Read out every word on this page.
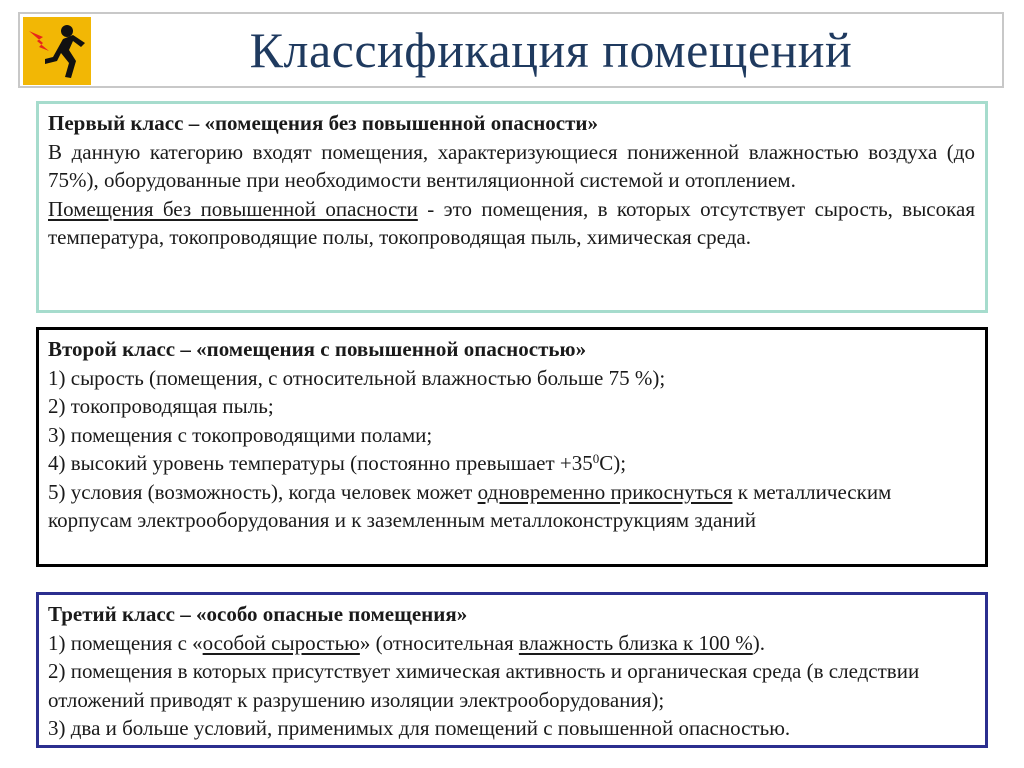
Классификация помещений

Первый класс – «помещения без повышенной опасности»

В данную категорию входят помещения, характеризующиеся пониженной влажностью воздуха (до 75%), оборудованные при необходимости вентиляционной системой и отоплением.

Помещения без повышенной опасности - это помещения, в которых отсутствует сырость, высокая температура, токопроводящие полы, токопроводящая пыль, химическая среда.

Второй класс – «помещения с повышенной опасностью»

1) сырость (помещения, с относительной влажностью больше 75 %);

2) токопроводящая пыль;

3) помещения с токопроводящими полами;

4) высокий уровень температуры (постоянно превышает $+35^0С$);

5) условия (возможность), когда человек может одновременно прикоснуться к металлическим корпусам электрооборудования и к заземленным металлоконструкциям зданий

Третий класс – «особо опасные помещения»

1) помещения с «особой сыростью» (относительная влажность близка к 100 %).

2) помещения в которых присутствует химическая активность и органическая среда (в следствии отложений приводят к разрушению изоляции электрооборудования);

3) два и больше условий, применимых для помещений с повышенной опасностью.
